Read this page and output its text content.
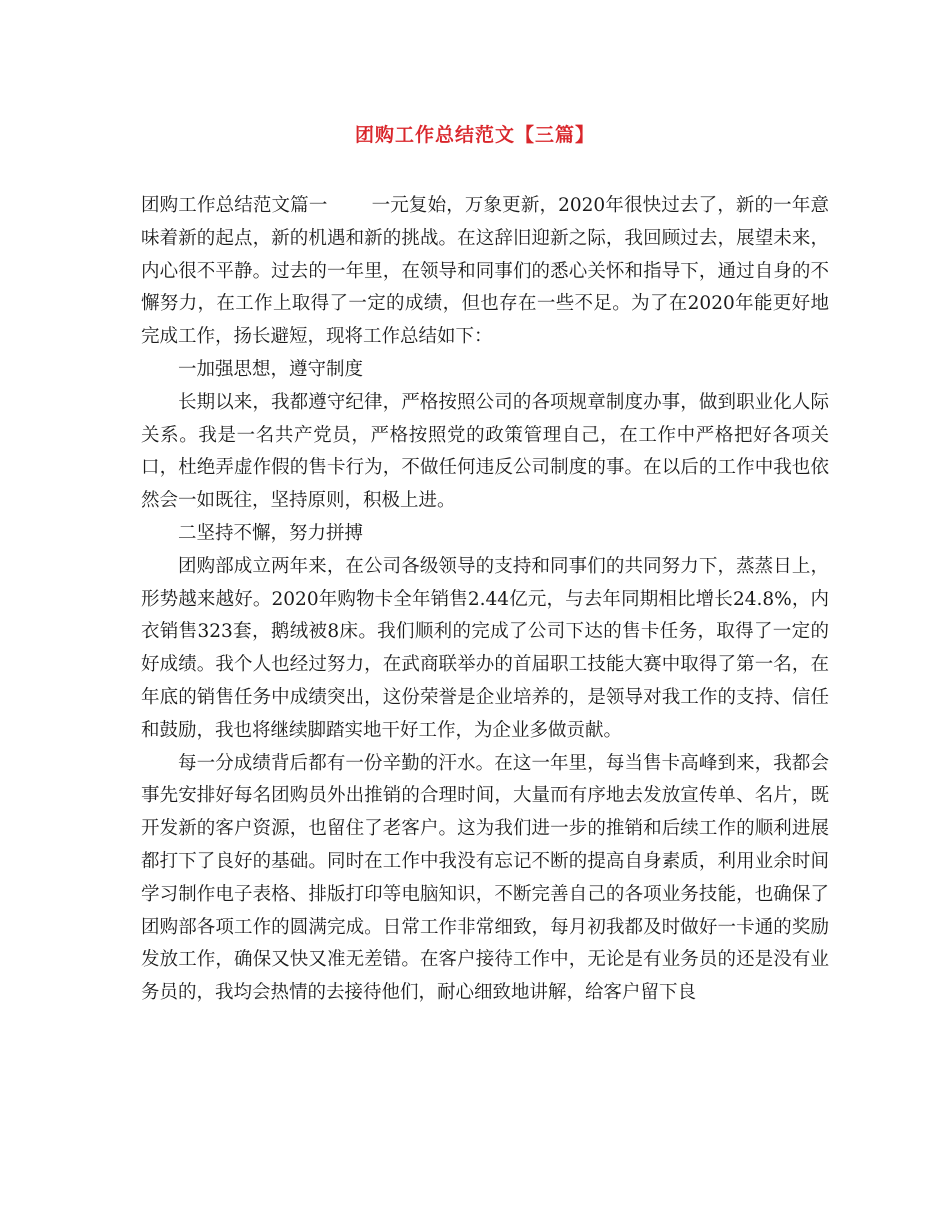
团购工作总结范文【三篇】

团购工作总结范文篇一 一元复始，万象更新，2020年很快过去了，新的一年意味着新的起点，新的机遇和新的挑战。在这辞旧迎新之际，我回顾过去，展望未来，内心很不平静。过去的一年里，在领导和同事们的悉心关怀和指导下，通过自身的不懈努力，在工作上取得了一定的成绩，但也存在一些不足。为了在2020年能更好地完成工作，扬长避短，现将工作总结如下：

一加强思想，遵守制度

长期以来，我都遵守纪律，严格按照公司的各项规章制度办事，做到职业化人际关系。我是一名共产党员，严格按照党的政策管理自己，在工作中严格把好各项关口，杜绝弄虚作假的售卡行为，不做任何违反公司制度的事。在以后的工作中我也依然会一如既往，坚持原则，积极上进。

二坚持不懈，努力拼搏

团购部成立两年来，在公司各级领导的支持和同事们的共同努力下，蒸蒸日上，形势越来越好。2020年购物卡全年销售2.44亿元，与去年同期相比增长24.8%，内衣销售323套，鹅绒被8床。我们顺利的完成了公司下达的售卡任务，取得了一定的好成绩。我个人也经过努力，在武商联举办的首届职工技能大赛中取得了第一名，在年底的销售任务中成绩突出，这份荣誉是企业培养的，是领导对我工作的支持、信任和鼓励，我也将继续脚踏实地干好工作，为企业多做贡献。

每一分成绩背后都有一份辛勤的汗水。在这一年里，每当售卡高峰到来，我都会事先安排好每名团购员外出推销的合理时间，大量而有序地去发放宣传单、名片，既开发新的客户资源，也留住了老客户。这为我们进一步的推销和后续工作的顺利进展都打下了良好的基础。同时在工作中我没有忘记不断的提高自身素质，利用业余时间学习制作电子表格、排版打印等电脑知识，不断完善自己的各项业务技能，也确保了团购部各项工作的圆满完成。日常工作非常细致，每月初我都及时做好一卡通的奖励发放工作，确保又快又准无差错。在客户接待工作中，无论是有业务员的还是没有业务员的，我均会热情的去接待他们，耐心细致地讲解，给客户留下良
